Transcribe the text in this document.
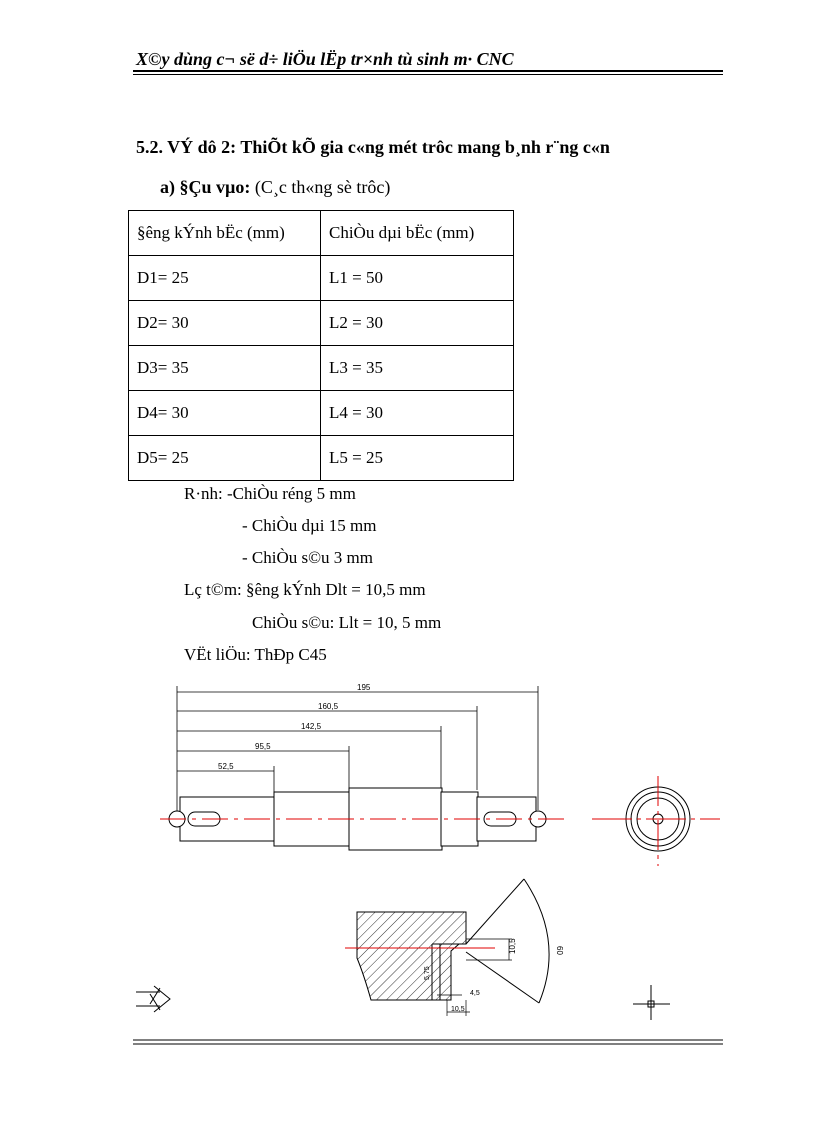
X©y dùng c¬ së d÷ liÖu lËp tr×nh tù sinh m· CNC
5.2. VÝ dô 2: ThiÕt kÕ gia c«ng mét trôc mang b¸nh r¨ng c«n
a) §Çu vµo: (C¸c th«ng sè trôc)
§êng kÝnh bËc (mm)	ChiÒu dµi bËc (mm)
D1= 25	L1 = 50
D2= 30	L2 = 30
D3= 35	L3 = 35
D4= 30	L4 = 30
D5= 25	L5 = 25
R·nh: -ChiÒu réng 5 mm
- ChiÒu dµi 15 mm
- ChiÒu s©u 3 mm
Lç t©m: §êng kÝnh Dlt = 10,5 mm
ChiÒu s©u: Llt = 10, 5 mm
VËt liÖu: ThÐp C45
195
160,5
142,5
95,5
52,5
10,5	60
5,75
4,5
10,5
